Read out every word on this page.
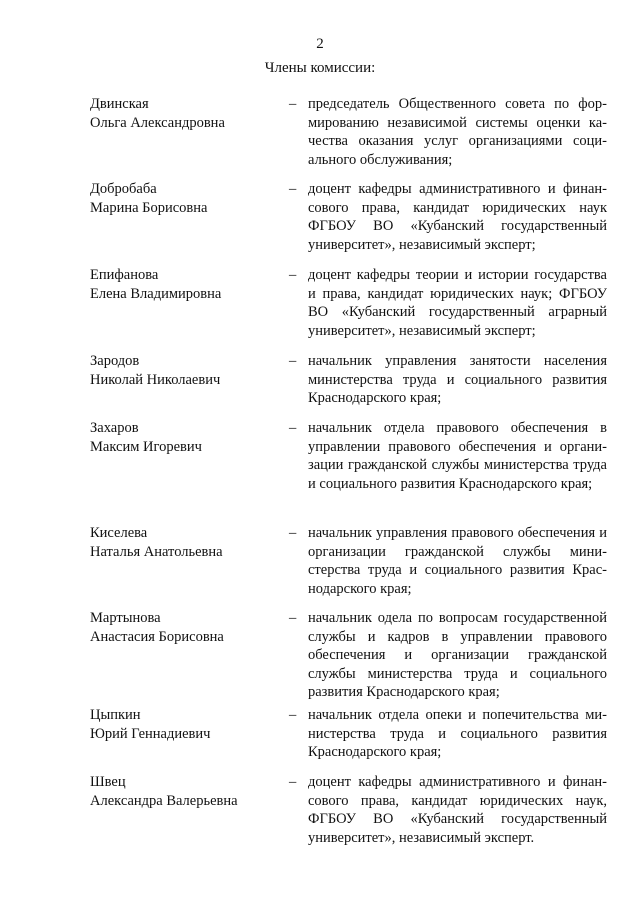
2
Члены комиссии:
Двинская
Ольга Александровна
– председатель Общественного совета по формированию независимой системы оценки качества оказания услуг организациями социального обслуживания;
Добробаба
Марина Борисовна
– доцент кафедры административного и финансового права, кандидат юридических наук ФГБОУ ВО «Кубанский государственный университет», независимый эксперт;
Епифанова
Елена Владимировна
– доцент кафедры теории и истории государства и права, кандидат юридических наук; ФГБОУ ВО «Кубанский государственный аграрный университет», независимый эксперт;
Зародов
Николай Николаевич
– начальник управления занятости населения министерства труда и социального развития Краснодарского края;
Захаров
Максим Игоревич
– начальник отдела правового обеспечения в управлении правового обеспечения и организации гражданской службы министерства труда и социального развития Краснодарского края;
Киселева
Наталья Анатольевна
– начальник управления правового обеспечения и организации гражданской службы министерства труда и социального развития Краснодарского края;
Мартынова
Анастасия Борисовна
– начальник одела по вопросам государственной службы и кадров в управлении правового обеспечения и организации гражданской службы министерства труда и социального развития Краснодарского края;
Цыпкин
Юрий Геннадиевич
– начальник отдела опеки и попечительства министерства труда и социального развития Краснодарского края;
Швец
Александра Валерьевна
– доцент кафедры административного и финансового права, кандидат юридических наук, ФГБОУ ВО «Кубанский государственный университет», независимый эксперт.
